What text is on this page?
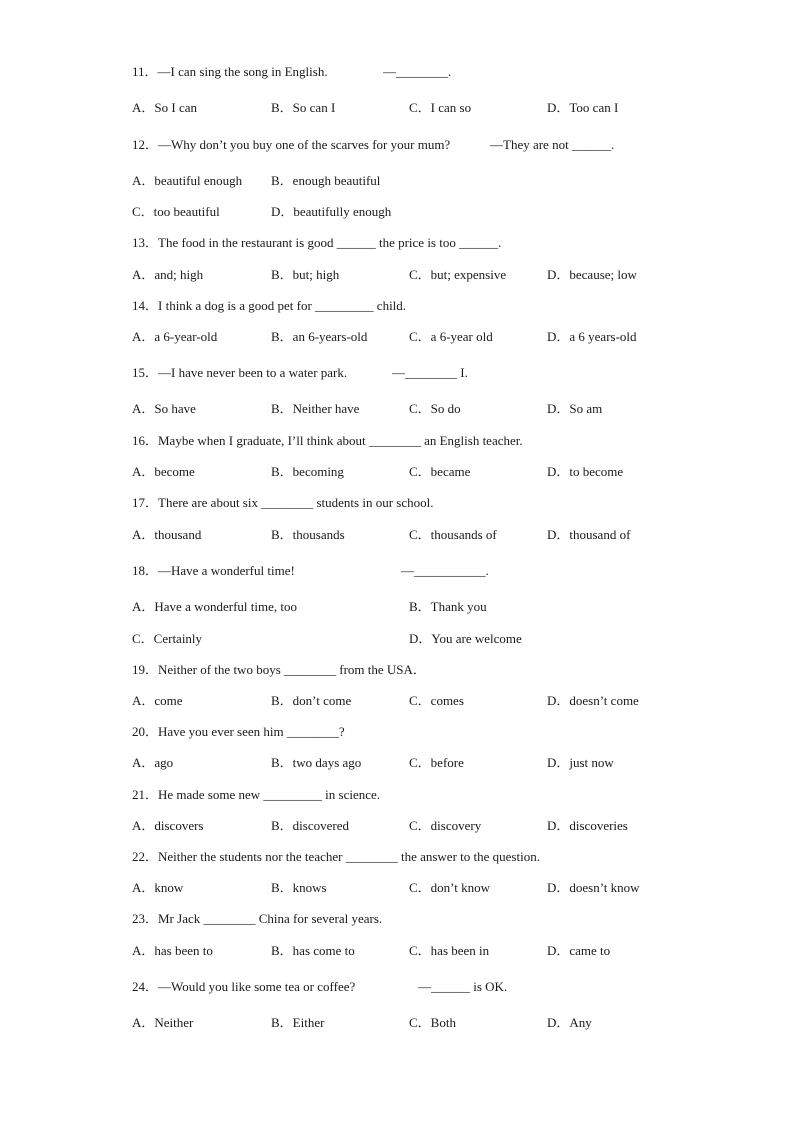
11．—I can sing the song in English.	—________.
A．So I can	B．So can I	C．I can so	D．Too can I
12．—Why don’t you buy one of the scarves for your mum?	—They are not ______.
A．beautiful enough B．enough beautiful
C．too beautiful	D．beautifully enough
13．The food in the restaurant is good ______ the price is too ______.
A．and; high	B．but; high	C．but; expensive	D．because; low
14．I think a dog is a good pet for _________ child.
A．a 6-year-old	B．an 6-years-old	C．a 6-year old	D．a 6 years-old
15．—I have never been to a water park.	—________ I.
A．So have	B．Neither have	C．So do	D．So am
16．Maybe when I graduate, I’ll think about ________ an English teacher.
A．become	B．becoming	C．became	D．to become
17．There are about six ________ students in our school.
A．thousand	B．thousands	C．thousands of	D．thousand of
18．—Have a wonderful time!	—___________.
A．Have a wonderful time, too	B．Thank you
C．Certainly	D．You are welcome
19．Neither of the two boys ________ from the USA．
A．come	B．don’t come	C．comes	D．doesn’t come
20．Have you ever seen him ________?
A．ago	B．two days ago	C．before	D．just now
21．He made some new _________ in science.
A．discovers	B．discovered	C．discovery	D．discoveries
22．Neither the students nor the teacher ________ the answer to the question.
A．know	B．knows	C．don’t know	D．doesn’t know
23．Mr Jack ________ China for several years.
A．has been to	B．has come to	C．has been in	D．came to
24．—Would you like some tea or coffee?	—______ is OK.
A．Neither	B．Either	C．Both	D．Any
